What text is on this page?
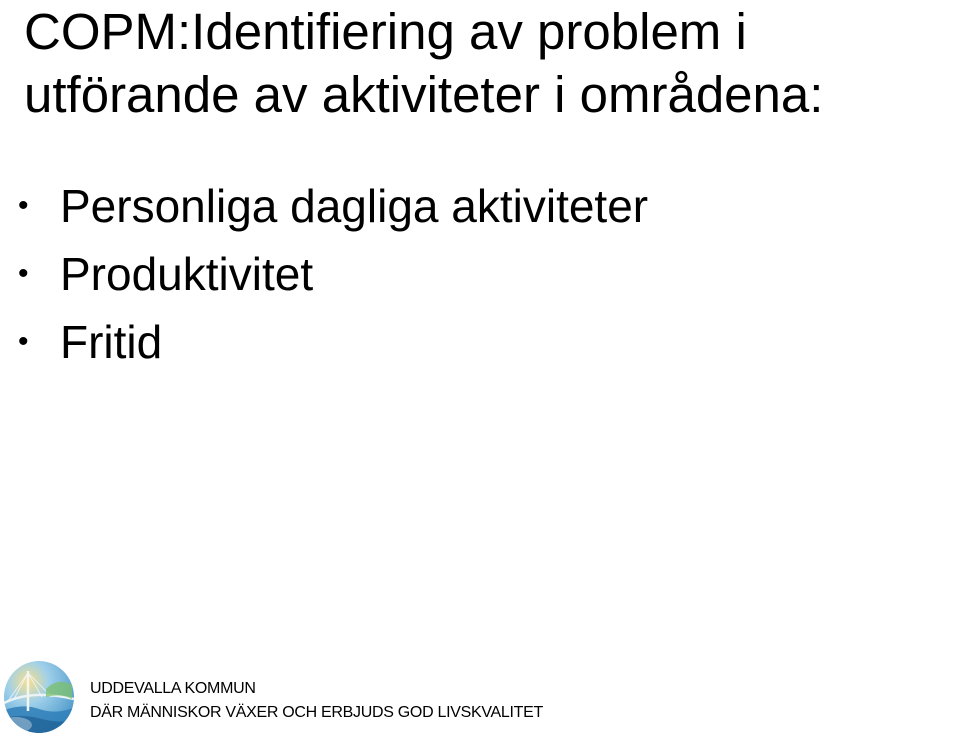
COPM:Identifiering av problem i
utförande av aktiviteter i områdena:
• Personliga dagliga aktiviteter
• Produktivitet
• Fritid
UDDEVALLA KOMMUN
DÄR MÄNNISKOR VÄXER OCH ERBJUDS GOD LIVSKVALITET
